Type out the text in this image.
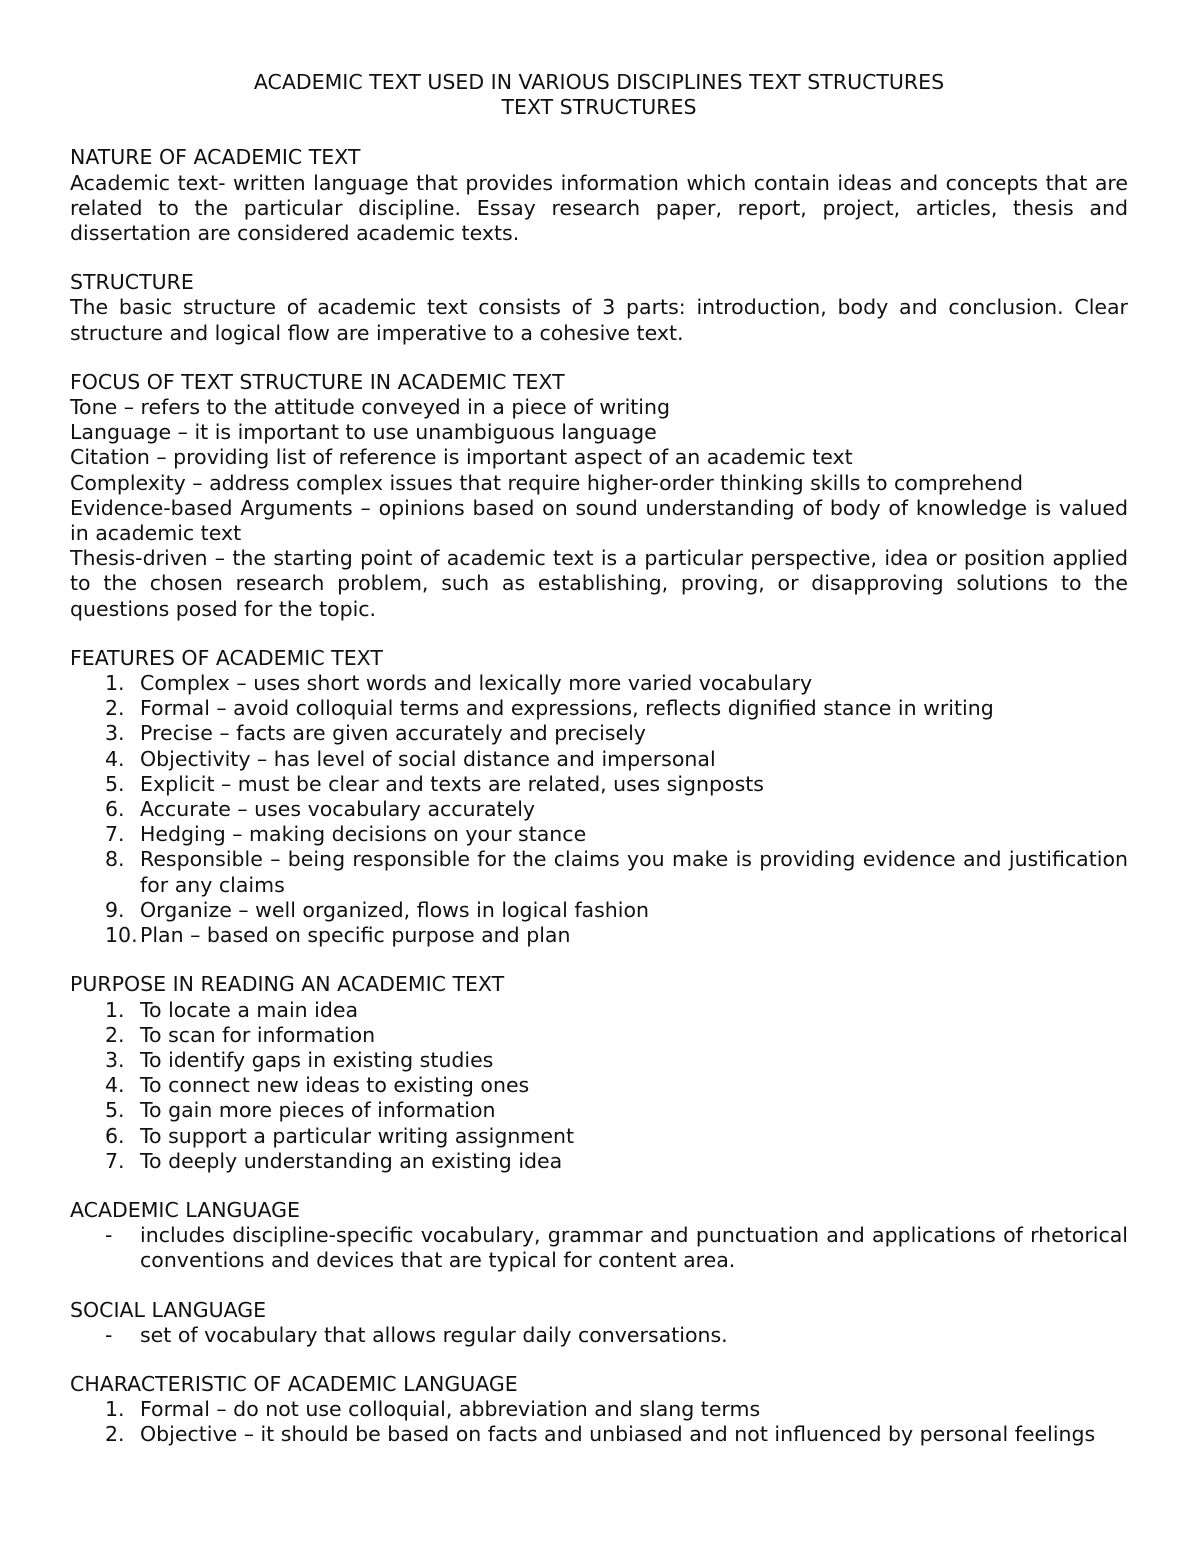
ACADEMIC TEXT USED IN VARIOUS DISCIPLINES TEXT STRUCTURES
TEXT STRUCTURES
NATURE OF ACADEMIC TEXT

Academic text- written language that provides information which contain ideas and concepts that are related to the particular discipline. Essay research paper, report, project, articles, thesis and dissertation are considered academic texts.

STRUCTURE

The basic structure of academic text consists of 3 parts: introduction, body and conclusion. Clear structure and logical flow are imperative to a cohesive text.

FOCUS OF TEXT STRUCTURE IN ACADEMIC TEXT
Tone – refers to the attitude conveyed in a piece of writing
Language – it is important to use unambiguous language
Citation – providing list of reference is important aspect of an academic text
Complexity – address complex issues that require higher-order thinking skills to comprehend
Evidence-based Arguments – opinions based on sound understanding of body of knowledge is valued in academic text
Thesis-driven – the starting point of academic text is a particular perspective, idea or position applied to the chosen research problem, such as establishing, proving, or disapproving solutions to the questions posed for the topic.
FEATURES OF ACADEMIC TEXT
1. Complex – uses short words and lexically more varied vocabulary
2. Formal – avoid colloquial terms and expressions, reflects dignified stance in writing
3. Precise – facts are given accurately and precisely
4. Objectivity – has level of social distance and impersonal
5. Explicit – must be clear and texts are related, uses signposts
6. Accurate – uses vocabulary accurately
7. Hedging – making decisions on your stance
8. Responsible – being responsible for the claims you make is providing evidence and justification for any claims
9. Organize – well organized, flows in logical fashion
10. Plan – based on specific purpose and plan
PURPOSE IN READING AN ACADEMIC TEXT
1. To locate a main idea
2. To scan for information
3. To identify gaps in existing studies
4. To connect new ideas to existing ones
5. To gain more pieces of information
6. To support a particular writing assignment
7. To deeply understanding an existing idea
ACADEMIC LANGUAGE
- includes discipline-specific vocabulary, grammar and punctuation and applications of rhetorical conventions and devices that are typical for content area.
SOCIAL LANGUAGE
- set of vocabulary that allows regular daily conversations.
CHARACTERISTIC OF ACADEMIC LANGUAGE
1. Formal – do not use colloquial, abbreviation and slang terms
2. Objective – it should be based on facts and unbiased and not influenced by personal feelings
